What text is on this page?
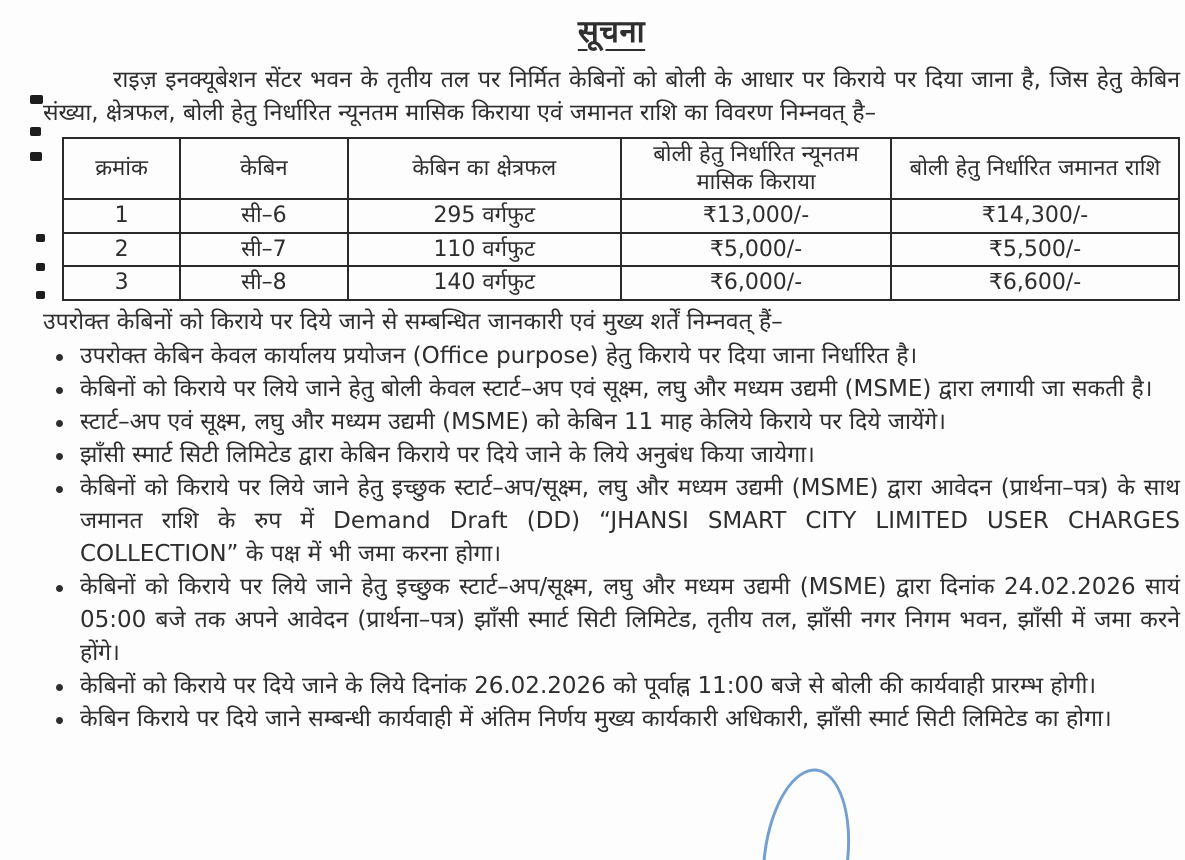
सूचना

राइज़ इनक्यूबेशन सेंटर भवन के तृतीय तल पर निर्मित केबिनों को बोली के आधार पर किराये पर दिया जाना है, जिस हेतु केबिन संख्या, क्षेत्रफल, बोली हेतु निर्धारित न्यूनतम मासिक किराया एवं जमानत राशि का विवरण निम्नवत् है–

क्रमांक	केबिन	केबिन का क्षेत्रफल	बोली हेतु निर्धारित न्यूनतम मासिक किराया	बोली हेतु निर्धारित जमानत राशि
1	सी–6	295 वर्गफुट	₹13,000/-	₹14,300/-
2	सी–7	110 वर्गफुट	₹5,000/-	₹5,500/-
3	सी–8	140 वर्गफुट	₹6,000/-	₹6,600/-

उपरोक्त केबिनों को किराये पर दिये जाने से सम्बन्धित जानकारी एवं मुख्य शर्तें निम्नवत् हैं–

उपरोक्त केबिन केवल कार्यालय प्रयोजन (Office purpose) हेतु किराये पर दिया जाना निर्धारित है।
केबिनों को किराये पर लिये जाने हेतु बोली केवल स्टार्ट–अप एवं सूक्ष्म, लघु और मध्यम उद्यमी (MSME) द्वारा लगायी जा सकती है।
स्टार्ट–अप एवं सूक्ष्म, लघु और मध्यम उद्यमी (MSME) को केबिन 11 माह केलिये किराये पर दिये जायेंगे।
झाँसी स्मार्ट सिटी लिमिटेड द्वारा केबिन किराये पर दिये जाने के लिये अनुबंध किया जायेगा।
केबिनों को किराये पर लिये जाने हेतु इच्छुक स्टार्ट–अप/सूक्ष्म, लघु और मध्यम उद्यमी (MSME) द्वारा आवेदन (प्रार्थना–पत्र) के साथ जमानत राशि के रुप में Demand Draft (DD) “JHANSI SMART CITY LIMITED USER CHARGES COLLECTION” के पक्ष में भी जमा करना होगा।
केबिनों को किराये पर लिये जाने हेतु इच्छुक स्टार्ट–अप/सूक्ष्म, लघु और मध्यम उद्यमी (MSME) द्वारा दिनांक 24.02.2026 सायं 05:00 बजे तक अपने आवेदन (प्रार्थना–पत्र) झाँसी स्मार्ट सिटी लिमिटेड, तृतीय तल, झाँसी नगर निगम भवन, झाँसी में जमा करने होंगे।
केबिनों को किराये पर दिये जाने के लिये दिनांक 26.02.2026 को पूर्वाह्न 11:00 बजे से बोली की कार्यवाही प्रारम्भ होगी।
केबिन किराये पर दिये जाने सम्बन्धी कार्यवाही में अंतिम निर्णय मुख्य कार्यकारी अधिकारी, झाँसी स्मार्ट सिटी लिमिटेड का होगा।
